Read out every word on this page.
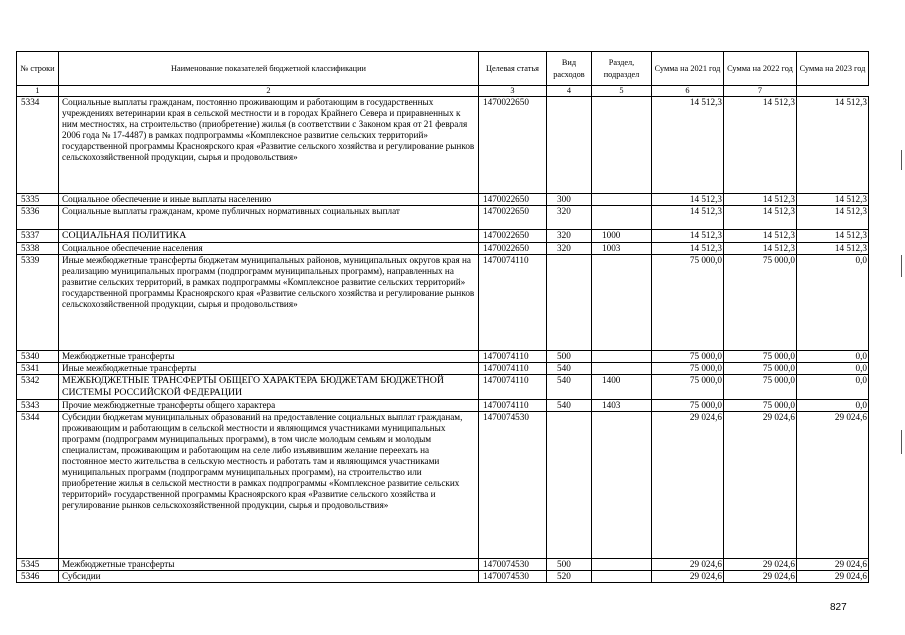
№ строки	Наименование показателей бюджетной классификации	Целевая статья	Вид расходов	Раздел, подраздел	Сумма на 2021 год	Сумма на 2022 год	Сумма на 2023 год
1	2	3	4	5	6	7	
5334	Социальные выплаты гражданам, постоянно проживающим и работающим в государственных учреждениях ветеринарии края в сельской местности и в городах Крайнего Севера и приравненных к ним местностях, на строительство (приобретение) жилья (в соответствии с Законом края от 21 февраля 2006 года № 17-4487) в рамках подпрограммы «Комплексное развитие сельских территорий» государственной программы Красноярского края «Развитие сельского хозяйства и регулирование рынков сельскохозяйственной продукции, сырья и продовольствия»	1470022650			14 512,3	14 512,3	14 512,3
5335	Социальное обеспечение и иные выплаты населению	1470022650	300		14 512,3	14 512,3	14 512,3
5336	Социальные выплаты гражданам, кроме публичных нормативных социальных выплат	1470022650	320		14 512,3	14 512,3	14 512,3
5337	СОЦИАЛЬНАЯ ПОЛИТИКА	1470022650	320	1000	14 512,3	14 512,3	14 512,3
5338	Социальное обеспечение населения	1470022650	320	1003	14 512,3	14 512,3	14 512,3
5339	Иные межбюджетные трансферты бюджетам муниципальных районов, муниципальных округов края на реализацию муниципальных программ (подпрограмм муниципальных программ), направленных на развитие сельских территорий, в рамках подпрограммы «Комплексное развитие сельских территорий» государственной программы Красноярского края «Развитие сельского хозяйства и регулирование рынков сельскохозяйственной продукции, сырья и продовольствия»	1470074110			75 000,0	75 000,0	0,0
5340	Межбюджетные трансферты	1470074110	500		75 000,0	75 000,0	0,0
5341	Иные межбюджетные трансферты	1470074110	540		75 000,0	75 000,0	0,0
5342	МЕЖБЮДЖЕТНЫЕ ТРАНСФЕРТЫ ОБЩЕГО ХАРАКТЕРА БЮДЖЕТАМ БЮДЖЕТНОЙ СИСТЕМЫ РОССИЙСКОЙ ФЕДЕРАЦИИ	1470074110	540	1400	75 000,0	75 000,0	0,0
5343	Прочие межбюджетные трансферты общего характера	1470074110	540	1403	75 000,0	75 000,0	0,0
5344	Субсидии бюджетам муниципальных образований на предоставление социальных выплат гражданам, проживающим и работающим в сельской местности и являющимся участниками муниципальных программ (подпрограмм муниципальных программ), в том числе молодым семьям и молодым специалистам, проживающим и работающим на селе либо изъявившим желание переехать на постоянное место жительства в сельскую местность и работать там и являющимся участниками муниципальных программ (подпрограмм муниципальных программ), на строительство или приобретение жилья в сельской местности в рамках подпрограммы «Комплексное развитие сельских территорий» государственной программы Красноярского края «Развитие сельского хозяйства и регулирование рынков сельскохозяйственной продукции, сырья и продовольствия»	1470074530			29 024,6	29 024,6	29 024,6
5345	Межбюджетные трансферты	1470074530	500		29 024,6	29 024,6	29 024,6
5346	Субсидии	1470074530	520		29 024,6	29 024,6	29 024,6
827
